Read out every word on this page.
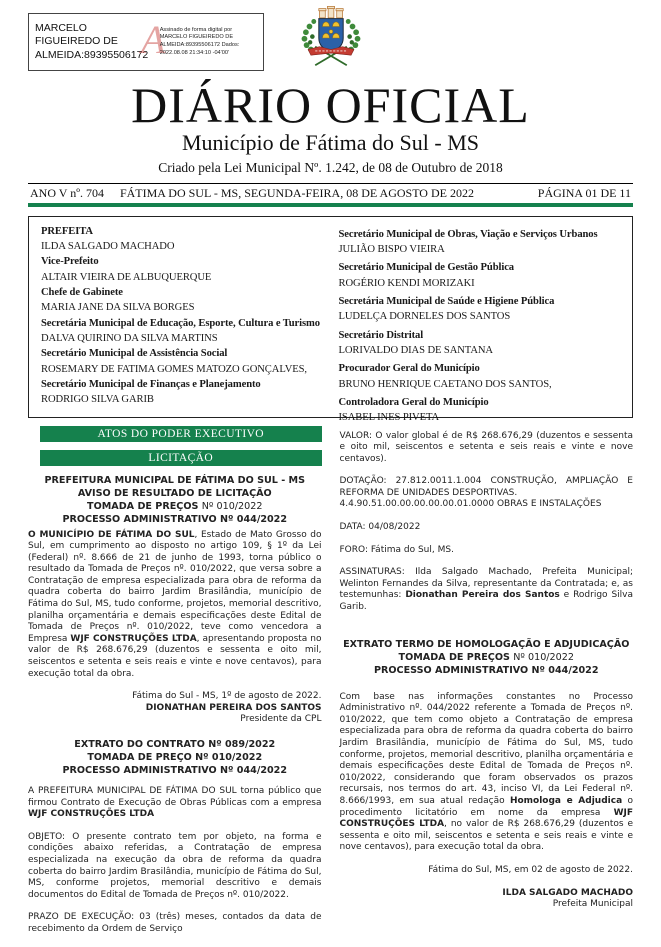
A
MARCELO FIGUEIREDO DE ALMEIDA:89395506172
Assinado de forma digital por MARCELO FIGUEIREDO DE ALMEIDA:89395506172 Dados: 2022.08.08 21:34:10 -04'00'
DIÁRIO OFICIAL
Município de Fátima do Sul - MS
Criado pela Lei Municipal Nº. 1.242, de 08 de Outubro de 2018
ANO V nº. 704	FÁTIMA DO SUL - MS, SEGUNDA-FEIRA, 08 DE AGOSTO DE 2022	PÁGINA 01 DE 11
PREFEITA
ILDA SALGADO MACHADO
Vice-Prefeito
ALTAIR VIEIRA DE ALBUQUERQUE
Chefe de Gabinete
MARIA JANE DA SILVA BORGES
Secretária Municipal de Educação, Esporte, Cultura e Turismo
DALVA QUIRINO DA SILVA MARTINS
Secretário Municipal de Assistência Social
ROSEMARY DE FATIMA GOMES MATOZO GONÇALVES,
Secretário Municipal de Finanças e Planejamento
RODRIGO SILVA GARIB
Secretário Municipal de Obras, Viação e Serviços Urbanos
JULIÃO BISPO VIEIRA
Secretário Municipal de Gestão Pública
ROGÉRIO KENDI MORIZAKI
Secretária Municipal de Saúde e Higiene Pública
LUDELÇA DORNELES DOS SANTOS
Secretário Distrital
LORIVALDO DIAS DE SANTANA
Procurador Geral do Município
BRUNO HENRIQUE CAETANO DOS SANTOS,
Controladora Geral do Município
ISABEL INES PIVETA
ATOS DO PODER EXECUTIVO
LICITAÇÃO
PREFEITURA MUNICIPAL DE FÁTIMA DO SUL - MS
AVISO DE RESULTADO DE LICITAÇÃO
TOMADA DE PREÇOS Nº 010/2022
PROCESSO ADMINISTRATIVO Nº 044/2022
O MUNICÍPIO DE FÁTIMA DO SUL, Estado de Mato Grosso do Sul, em cumprimento ao disposto no artigo 109, § 1º da Lei (Federal) nº. 8.666 de 21 de junho de 1993, torna público o resultado da Tomada de Preços nº. 010/2022, que versa sobre a Contratação de empresa especializada para obra de reforma da quadra coberta do bairro Jardim Brasilândia, município de Fátima do Sul, MS, tudo conforme, projetos, memorial descritivo, planilha orçamentária e demais especificações deste Edital de Tomada de Preços nº. 010/2022, teve como vencedora a Empresa WJF CONSTRUÇÕES LTDA, apresentando proposta no valor de R$ 268.676,29 (duzentos e sessenta e oito mil, seiscentos e setenta e seis reais e vinte e nove centavos), para execução total da obra.
Fátima do Sul - MS, 1º de agosto de 2022.
DIONATHAN PEREIRA DOS SANTOS
Presidente da CPL
EXTRATO DO CONTRATO Nº 089/2022
TOMADA DE PREÇO Nº 010/2022
PROCESSO ADMINISTRATIVO Nº 044/2022
A PREFEITURA MUNICIPAL DE FÁTIMA DO SUL torna público que firmou Contrato de Execução de Obras Públicas com a empresa WJF CONSTRUÇÕES LTDA
OBJETO: O presente contrato tem por objeto, na forma e condições abaixo referidas, a Contratação de empresa especializada na execução da obra de reforma da quadra coberta do bairro Jardim Brasilândia, município de Fátima do Sul, MS, conforme projetos, memorial descritivo e demais documentos do Edital de Tomada de Preços nº. 010/2022.
PRAZO DE EXECUÇÃO: 03 (três) meses, contados da data de recebimento da Ordem de Serviço
VALOR: O valor global é de R$ 268.676,29 (duzentos e sessenta e oito mil, seiscentos e setenta e seis reais e vinte e nove centavos).
DOTAÇÃO: 27.812.0011.1.004 CONSTRUÇÃO, AMPLIAÇÃO E REFORMA DE UNIDADES DESPORTIVAS.
4.4.90.51.00.00.00.00.00.01.0000 OBRAS E INSTALAÇÕES
DATA: 04/08/2022
FORO: Fátima do Sul, MS.
ASSINATURAS: Ilda Salgado Machado, Prefeita Municipal; Welinton Fernandes da Silva, representante da Contratada; e, as testemunhas: Dionathan Pereira dos Santos e Rodrigo Silva Garib.
EXTRATO TERMO DE HOMOLOGAÇÃO E ADJUDICAÇÃO
TOMADA DE PREÇOS Nº 010/2022
PROCESSO ADMINISTRATIVO Nº 044/2022
Com base nas informações constantes no Processo Administrativo nº. 044/2022 referente a Tomada de Preços nº. 010/2022, que tem como objeto a Contratação de empresa especializada para obra de reforma da quadra coberta do bairro Jardim Brasilândia, município de Fátima do Sul, MS, tudo conforme, projetos, memorial descritivo, planilha orçamentária e demais especificações deste Edital de Tomada de Preços nº. 010/2022, considerando que foram observados os prazos recursais, nos termos do art. 43, inciso VI, da Lei Federal nº. 8.666/1993, em sua atual redação Homologa e Adjudica o procedimento licitatório em nome da empresa WJF CONSTRUÇÕES LTDA, no valor de R$ 268.676,29 (duzentos e sessenta e oito mil, seiscentos e setenta e seis reais e vinte e nove centavos), para execução total da obra.
Fátima do Sul, MS, em 02 de agosto de 2022.
ILDA SALGADO MACHADO
Prefeita Municipal
